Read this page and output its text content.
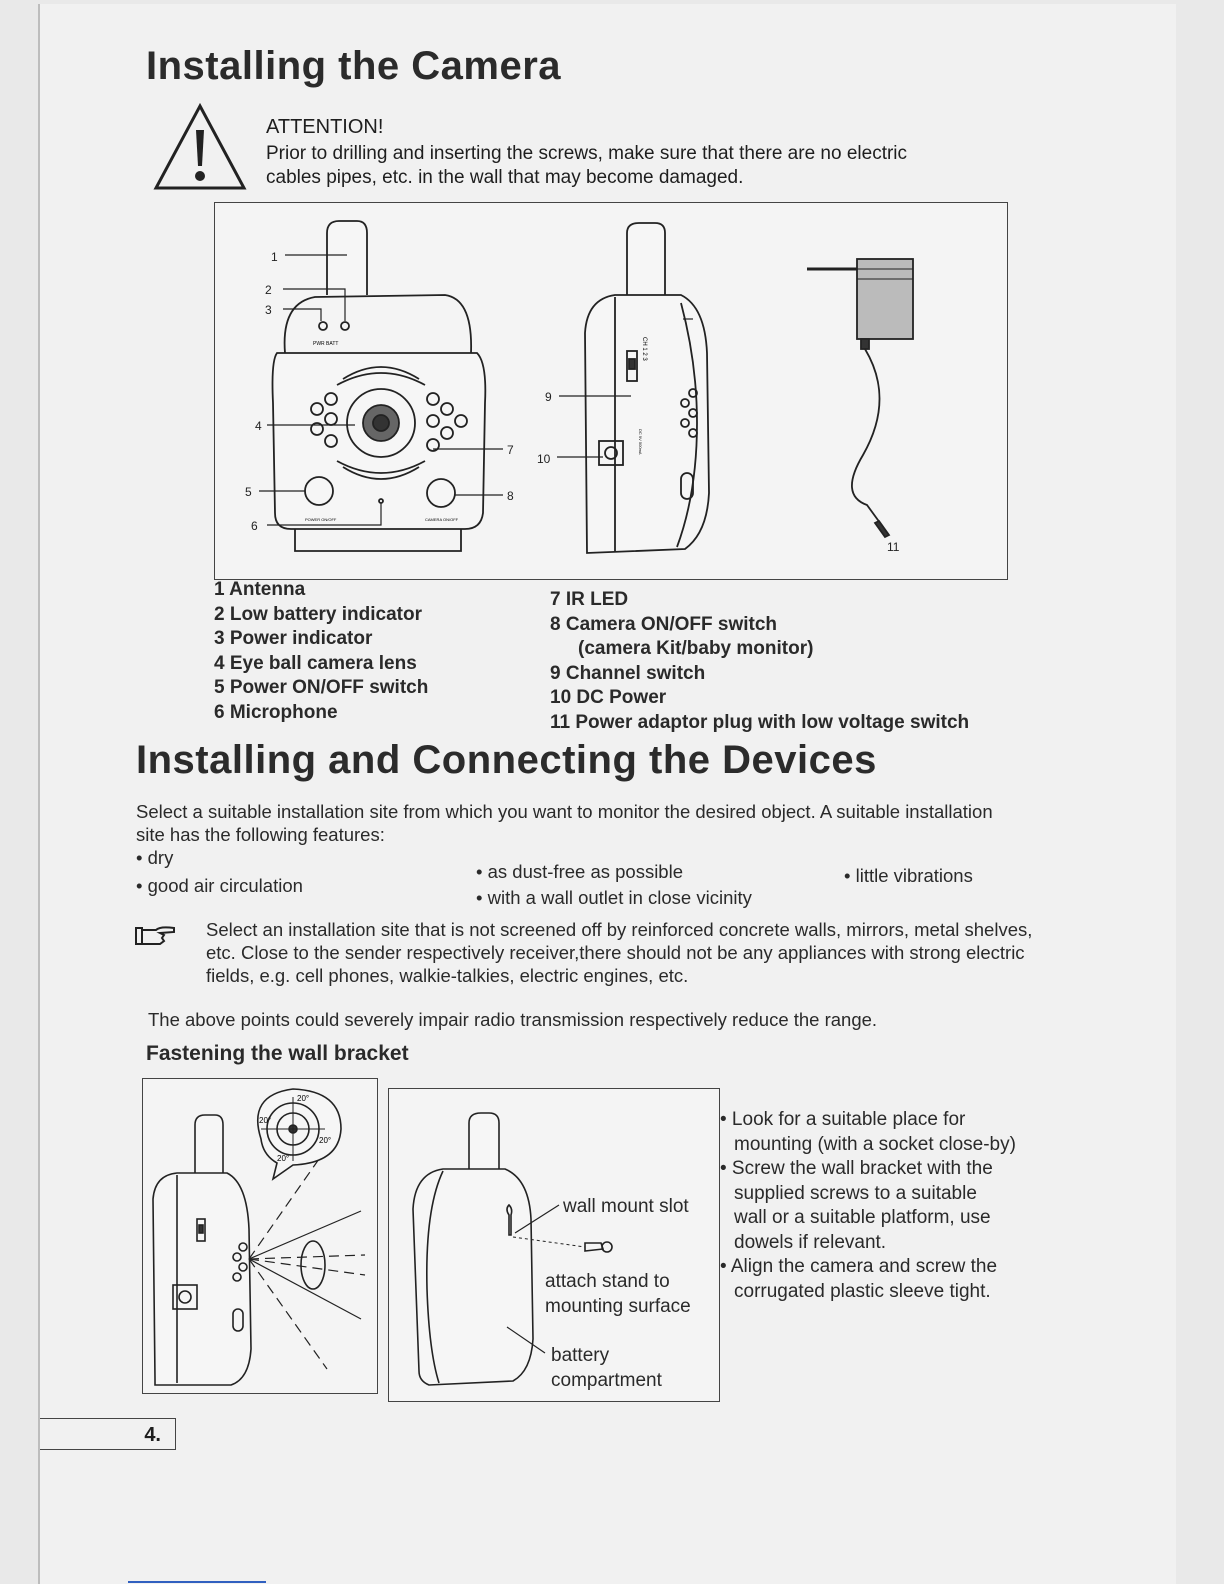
Installing the Camera
ATTENTION!
Prior to drilling and inserting the screws, make sure that there are no electric cables pipes, etc. in the wall that may become damaged.
1
2
3
4
5
6
7
8
PWR BATT
POWER ON/OFF	CAMERA ON/OFF
9
10
CH 1 2 3
DC 9V 500mA
11
1 Antenna
2 Low battery indicator
3 Power indicator
4 Eye ball camera lens
5 Power ON/OFF switch
6 Microphone
7 IR LED
8 Camera ON/OFF switch
(camera Kit/baby monitor)
9 Channel switch
10 DC Power
11 Power adaptor plug with low voltage switch
Installing and Connecting the Devices
Select a suitable installation site from which you want to monitor the desired object. A suitable installation site has the following features:
• dry
• good air circulation
• as dust-free as possible
• with a wall outlet in close vicinity
• little vibrations
Select an installation site that is not screened off by reinforced concrete walls, mirrors, metal shelves, etc. Close to the sender respectively receiver,there should not be any appliances with strong electric fields, e.g. cell phones, walkie-talkies, electric engines, etc.
The above points could severely impair radio transmission respectively reduce the range.
Fastening the wall bracket
20°
20°
20°
20°
wall mount slot
attach stand to
mounting surface
battery
compartment
• Look for a suitable place for
mounting (with a socket close-by)
• Screw the wall bracket with the
supplied screws to a suitable
wall or a suitable platform, use
dowels if relevant.
• Align the camera and screw the
corrugated plastic sleeve tight.
4.
